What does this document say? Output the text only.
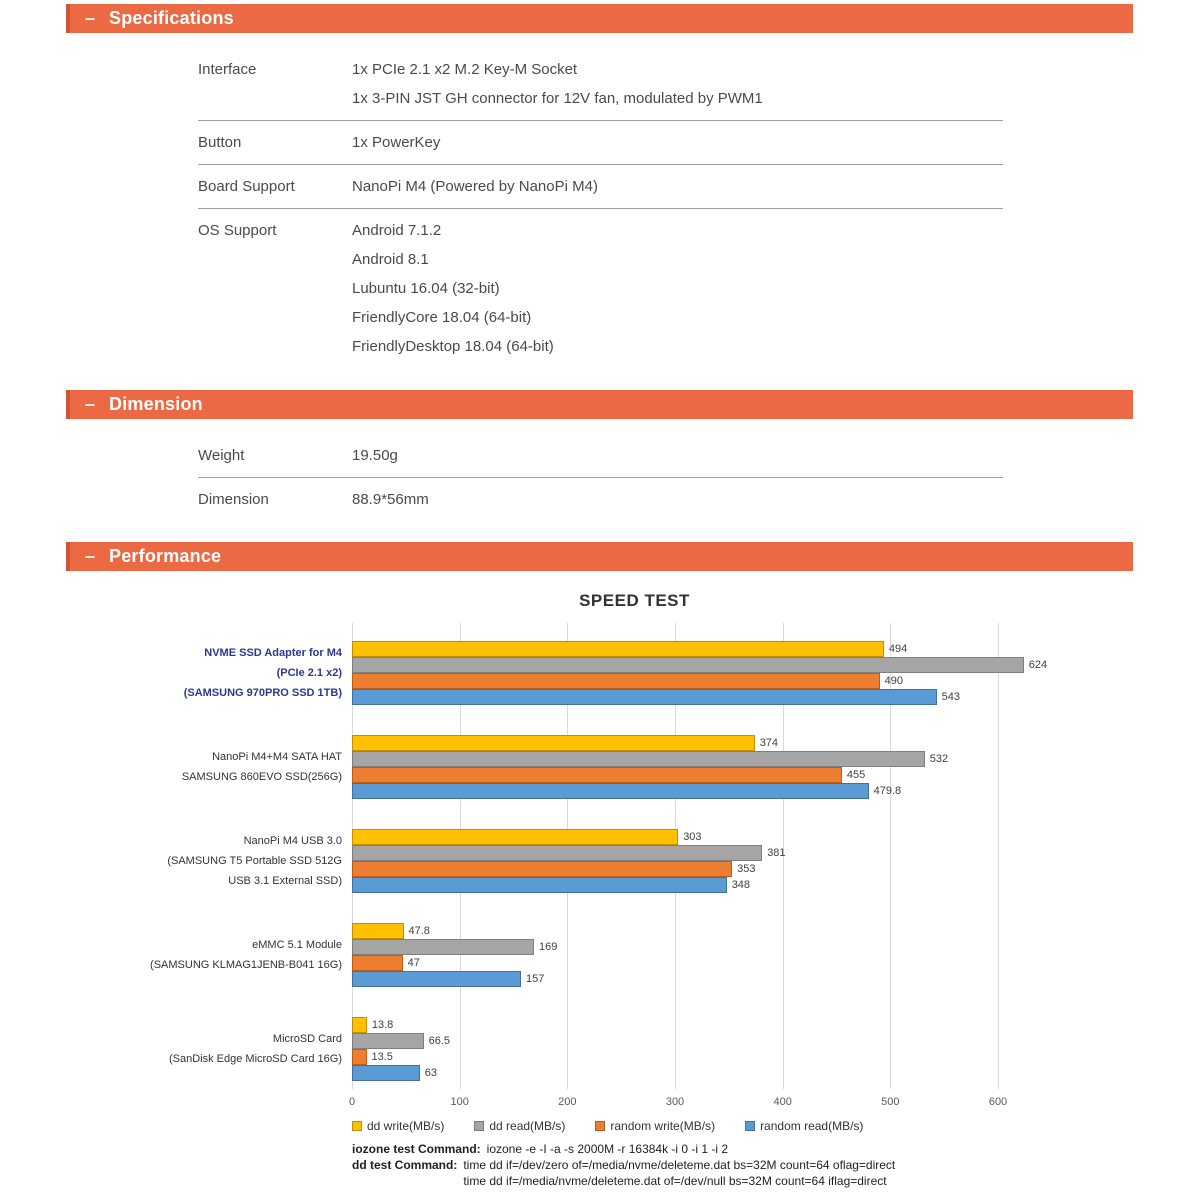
– Specifications
Interface	1x PCIe 2.1 x2 M.2 Key-M Socket
1x 3-PIN JST GH connector for 12V fan, modulated by PWM1
Button	1x PowerKey
Board Support	NanoPi M4 (Powered by NanoPi M4)
OS Support	Android 7.1.2
Android 8.1
Lubuntu 16.04 (32-bit)
FriendlyCore 18.04 (64-bit)
FriendlyDesktop 18.04 (64-bit)
– Dimension
Weight	19.50g
Dimension	88.9*56mm
– Performance
SPEED TEST
NVME SSD Adapter for M4
(PCIe 2.1 x2)
(SAMSUNG 970PRO SSD 1TB)
494
624
490
543
NanoPi M4+M4 SATA HAT
SAMSUNG 860EVO SSD(256G)
374
532
455
479.8
NanoPi M4 USB 3.0
(SAMSUNG T5 Portable SSD 512G
USB 3.1 External SSD)
303
381
353
348
eMMC 5.1 Module
(SAMSUNG KLMAG1JENB-B041 16G)
47.8
169
47
157
MicroSD Card
(SanDisk Edge MicroSD Card 16G)
13.8
66.5
13.5
63
0	100	200	300	400	500	600
dd write(MB/s)	dd read(MB/s)	random write(MB/s)	random read(MB/s)
iozone test Command: iozone -e -I -a -s 2000M -r 16384k -i 0 -i 1 -i 2
dd test Command: time dd if=/dev/zero of=/media/nvme/deleteme.dat bs=32M count=64 oflag=direct
time dd if=/media/nvme/deleteme.dat of=/dev/null bs=32M count=64 iflag=direct
